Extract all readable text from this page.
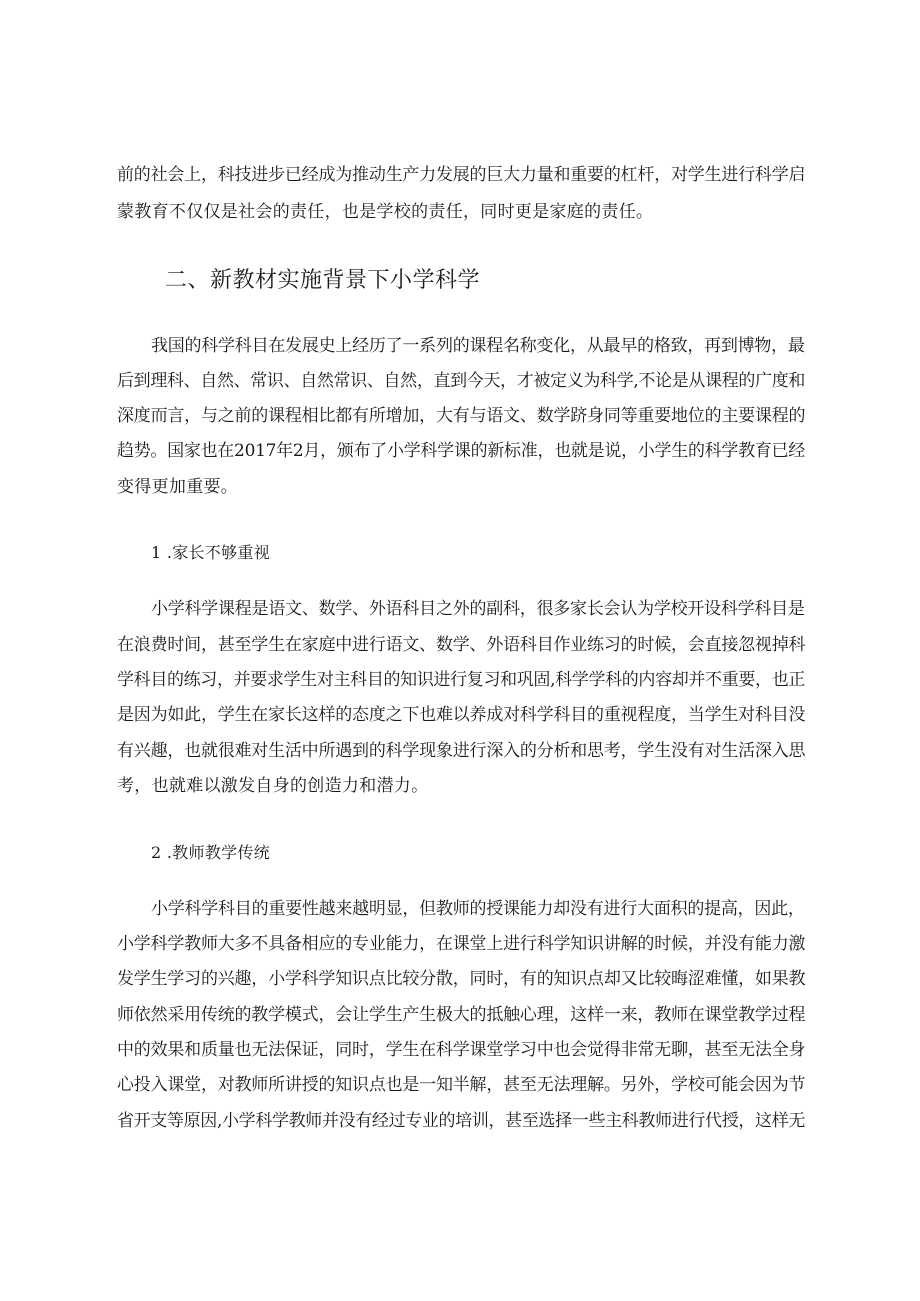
前的社会上，科技进步已经成为推动生产力发展的巨大力量和重要的杠杆，对学生进行科学启
蒙教育不仅仅是社会的责任，也是学校的责任，同时更是家庭的责任。
二、新教材实施背景下小学科学
我国的科学科目在发展史上经历了一系列的课程名称变化，从最早的格致，再到博物，最
后到理科、自然、常识、自然常识、自然，直到今天，才被定义为科学,不论是从课程的广度和
深度而言，与之前的课程相比都有所增加，大有与语文、数学跻身同等重要地位的主要课程的
趋势。国家也在2017年2月，颁布了小学科学课的新标准，也就是说，小学生的科学教育已经
变得更加重要。
1 .家长不够重视
小学科学课程是语文、数学、外语科目之外的副科，很多家长会认为学校开设科学科目是
在浪费时间，甚至学生在家庭中进行语文、数学、外语科目作业练习的时候，会直接忽视掉科
学科目的练习，并要求学生对主科目的知识进行复习和巩固,科学学科的内容却并不重要，也正
是因为如此，学生在家长这样的态度之下也难以养成对科学科目的重视程度，当学生对科目没
有兴趣，也就很难对生活中所遇到的科学现象进行深入的分析和思考，学生没有对生活深入思
考，也就难以激发自身的创造力和潜力。
2 .教师教学传统
小学科学科目的重要性越来越明显，但教师的授课能力却没有进行大面积的提高，因此，
小学科学教师大多不具备相应的专业能力，在课堂上进行科学知识讲解的时候，并没有能力激
发学生学习的兴趣，小学科学知识点比较分散，同时，有的知识点却又比较晦涩难懂，如果教
师依然采用传统的教学模式，会让学生产生极大的抵触心理，这样一来，教师在课堂教学过程
中的效果和质量也无法保证，同时，学生在科学课堂学习中也会觉得非常无聊，甚至无法全身
心投入课堂，对教师所讲授的知识点也是一知半解，甚至无法理解。另外，学校可能会因为节
省开支等原因,小学科学教师并没有经过专业的培训，甚至选择一些主科教师进行代授，这样无
